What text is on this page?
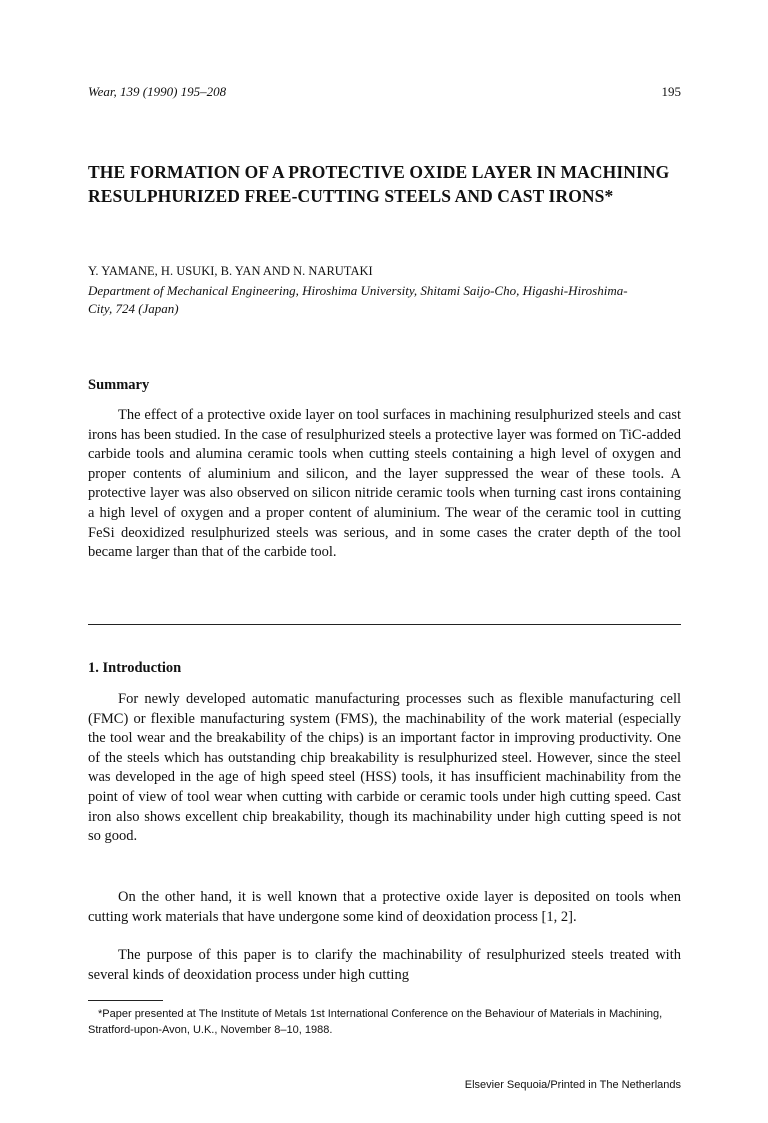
Wear, 139 (1990) 195–208	195
THE FORMATION OF A PROTECTIVE OXIDE LAYER IN MACHINING RESULPHURIZED FREE-CUTTING STEELS AND CAST IRONS*

Y. YAMANE, H. USUKI, B. YAN AND N. NARUTAKI

Department of Mechanical Engineering, Hiroshima University, Shitami Saijo-Cho, Higashi-Hiroshima-City, 724 (Japan)

Summary

The effect of a protective oxide layer on tool surfaces in machining resulphurized steels and cast irons has been studied. In the case of resulphurized steels a protective layer was formed on TiC-added carbide tools and alumina ceramic tools when cutting steels containing a high level of oxygen and proper contents of aluminium and silicon, and the layer suppressed the wear of these tools. A protective layer was also observed on silicon nitride ceramic tools when turning cast irons containing a high level of oxygen and a proper content of aluminium. The wear of the ceramic tool in cutting FeSi deoxidized resulphurized steels was serious, and in some cases the crater depth of the tool became larger than that of the carbide tool.

1. Introduction

For newly developed automatic manufacturing processes such as flexible manufacturing cell (FMC) or flexible manufacturing system (FMS), the machinability of the work material (especially the tool wear and the breakability of the chips) is an important factor in improving productivity. One of the steels which has outstanding chip breakability is resulphurized steel. However, since the steel was developed in the age of high speed steel (HSS) tools, it has insufficient machinability from the point of view of tool wear when cutting with carbide or ceramic tools under high cutting speed. Cast iron also shows excellent chip breakability, though its machinability under high cutting speed is not so good.

On the other hand, it is well known that a protective oxide layer is deposited on tools when cutting work materials that have undergone some kind of deoxidation process [1, 2].

The purpose of this paper is to clarify the machinability of resulphurized steels treated with several kinds of deoxidation process under high cutting

*Paper presented at The Institute of Metals 1st International Conference on the Behaviour of Materials in Machining, Stratford-upon-Avon, U.K., November 8–10, 1988.

Elsevier Sequoia/Printed in The Netherlands
